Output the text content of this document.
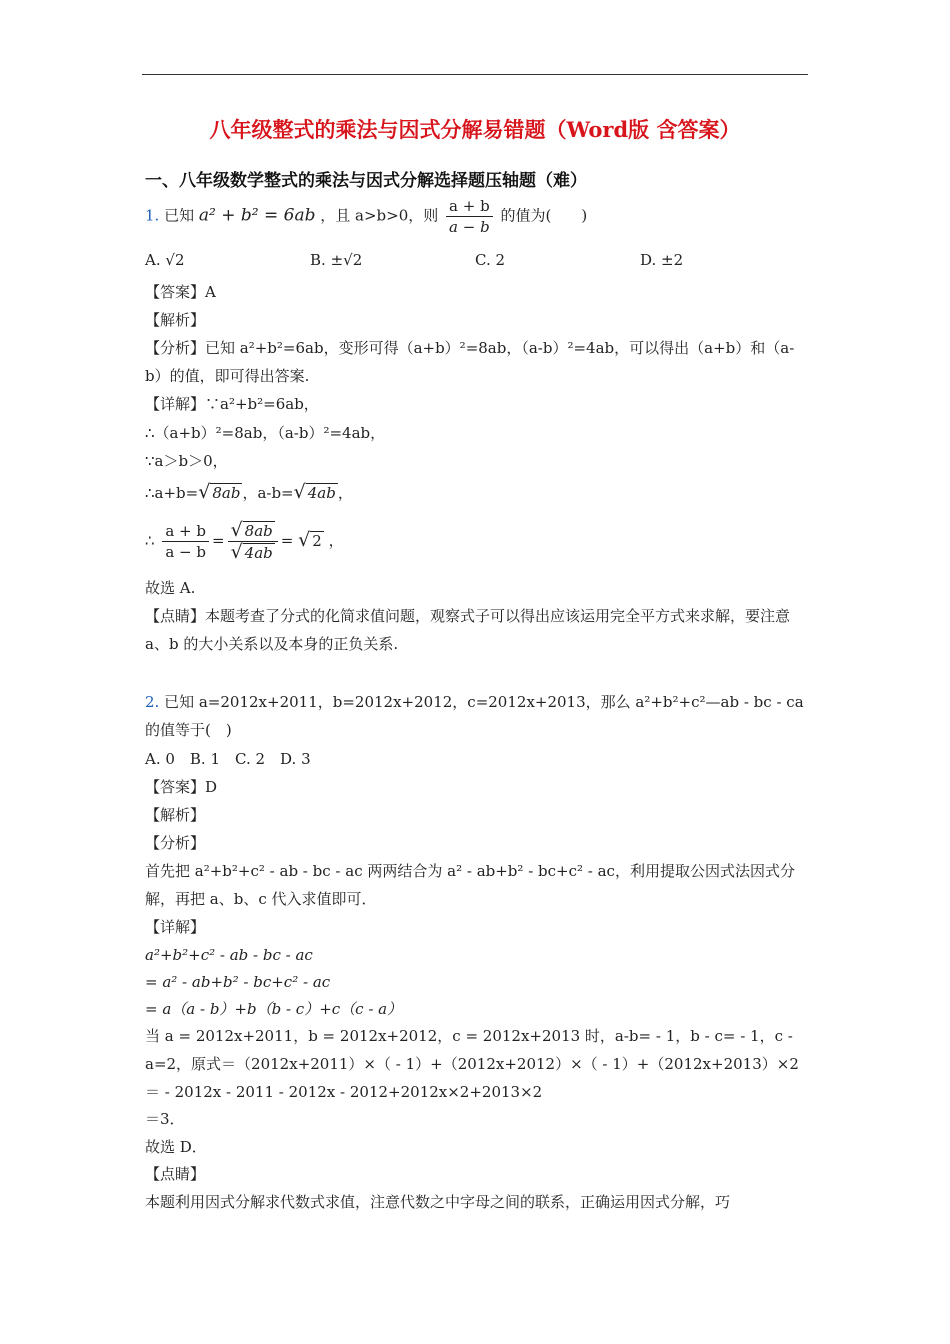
八年级整式的乘法与因式分解易错题（Word版 含答案）
一、八年级数学整式的乘法与因式分解选择题压轴题（难）
1. 已知 a² + b² = 6ab ，且 a>b>0，则 $\frac{a + b}{a - b}$ 的值为(　　)
A. √2	B. ±√2	C. 2	D. ±2
【答案】A
【解析】
【分析】已知 a²+b²=6ab，变形可得（a+b）²=8ab，（a-b）²=4ab，可以得出（a+b）和（a-b）的值，即可得出答案.
【详解】∵a²+b²=6ab，
∴（a+b）²=8ab，（a-b）²=4ab，
∵a＞b＞0，
∴a+b=√ 8ab ，a-b=√ 4ab ，
∴ $\frac{a + b}{a - b} = \frac{√ 8ab}{√ 4ab}$ = √ 2 ，
故选 A.
【点睛】本题考查了分式的化简求值问题，观察式子可以得出应该运用完全平方式来求解，要注意 a、b 的大小关系以及本身的正负关系.
2. 已知 a=2012x+2011，b=2012x+2012，c=2012x+2013，那么 a²+b²+c²—ab - bc - ca 的值等于(　)
A. 0　B. 1　C. 2　D. 3
【答案】D
【解析】
【分析】
首先把 a²+b²+c² - ab - bc - ac 两两结合为 a² - ab+b² - bc+c² - ac，利用提取公因式法因式分解，再把 a、b、c 代入求值即可．
【详解】
a²+b²+c² - ab - bc - ac
= a² - ab+b² - bc+c² - ac
= a（a - b）+b（b - c）+c（c - a）
当 a = 2012x+2011，b = 2012x+2012，c = 2012x+2013 时，a-b= - 1，b - c= - 1，c - a=2，原式＝（2012x+2011）×（ - 1）+（2012x+2012）×（ - 1）+（2012x+2013）×2
＝ - 2012x - 2011 - 2012x - 2012+2012x×2+2013×2
＝3．
故选 D．
【点睛】
本题利用因式分解求代数式求值，注意代数之中字母之间的联系，正确运用因式分解，巧
